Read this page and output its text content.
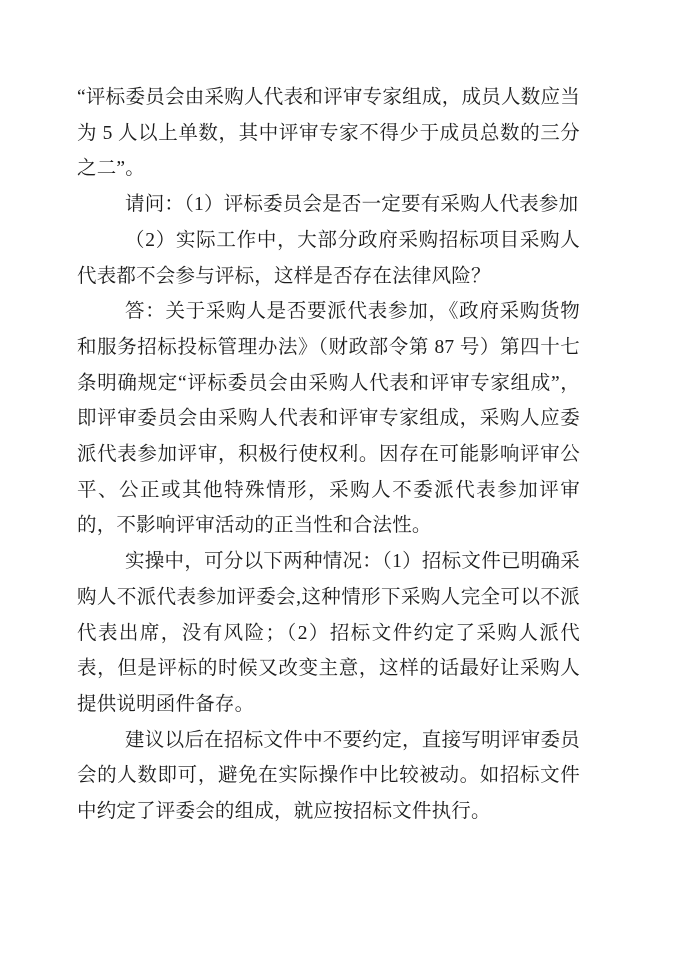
“评标委员会由采购人代表和评审专家组成，成员人数应当为 5 人以上单数，其中评审专家不得少于成员总数的三分之二”。

请问：（1）评标委员会是否一定要有采购人代表参加

（2）实际工作中，大部分政府采购招标项目采购人代表都不会参与评标，这样是否存在法律风险？

答：关于采购人是否要派代表参加，《政府采购货物和服务招标投标管理办法》（财政部令第 87 号）第四十七条明确规定“评标委员会由采购人代表和评审专家组成”，即评审委员会由采购人代表和评审专家组成，采购人应委派代表参加评审，积极行使权利。因存在可能影响评审公平、公正或其他特殊情形，采购人不委派代表参加评审的，不影响评审活动的正当性和合法性。

实操中，可分以下两种情况：（1）招标文件已明确采购人不派代表参加评委会,这种情形下采购人完全可以不派代表出席，没有风险；（2）招标文件约定了采购人派代表，但是评标的时候又改变主意，这样的话最好让采购人提供说明函件备存。

建议以后在招标文件中不要约定，直接写明评审委员会的人数即可，避免在实际操作中比较被动。如招标文件中约定了评委会的组成，就应按招标文件执行。
